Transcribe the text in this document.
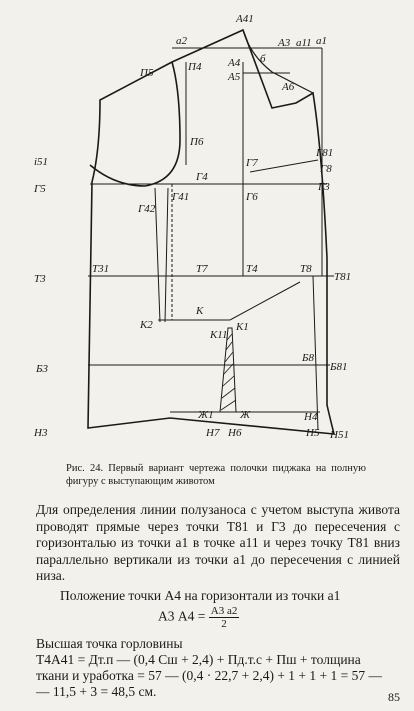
А41
а2	А3 а11 а1
П5	П4 А4
А5
б
А6
П6
i51	Г7
Г81
Г8
Г5
Г4
Г3
Г42
Г41	Г6
Т3
Т31	Т7	Т4	Т8
Т81
К
К2
К11
К1
Б3
Б8
Б81
Ж1 Ж	Н4
Н3	Н7 Н6	Н5 Н51
Рис. 24. Первый вариант чертежа полочки пиджака на полную фигуру с выступающим животом
Для определения линии полузаноса с учетом выступа живота проводят прямые через точки Т81 и Г3 до пересечения с горизонталью из точки а1 в точке а11 и через точку Т81 вниз параллельно вертикали из точки а1 до пересечения с линией низа.
Положение точки А4 на горизонтали из точки а1
А3 $А4 = \frac{А3 а2}{2}$
Высшая точка горловины
Т4А41 = Дт.п — (0,4 Сш + 2,4) + Пд.т.с + Пш + толщина
ткани и уработка = 57 — (0,4 · 22,7 + 2,4) + 1 + 1 + 1 = 57 —
— 11,5 + 3 = 48,5 см.	85
